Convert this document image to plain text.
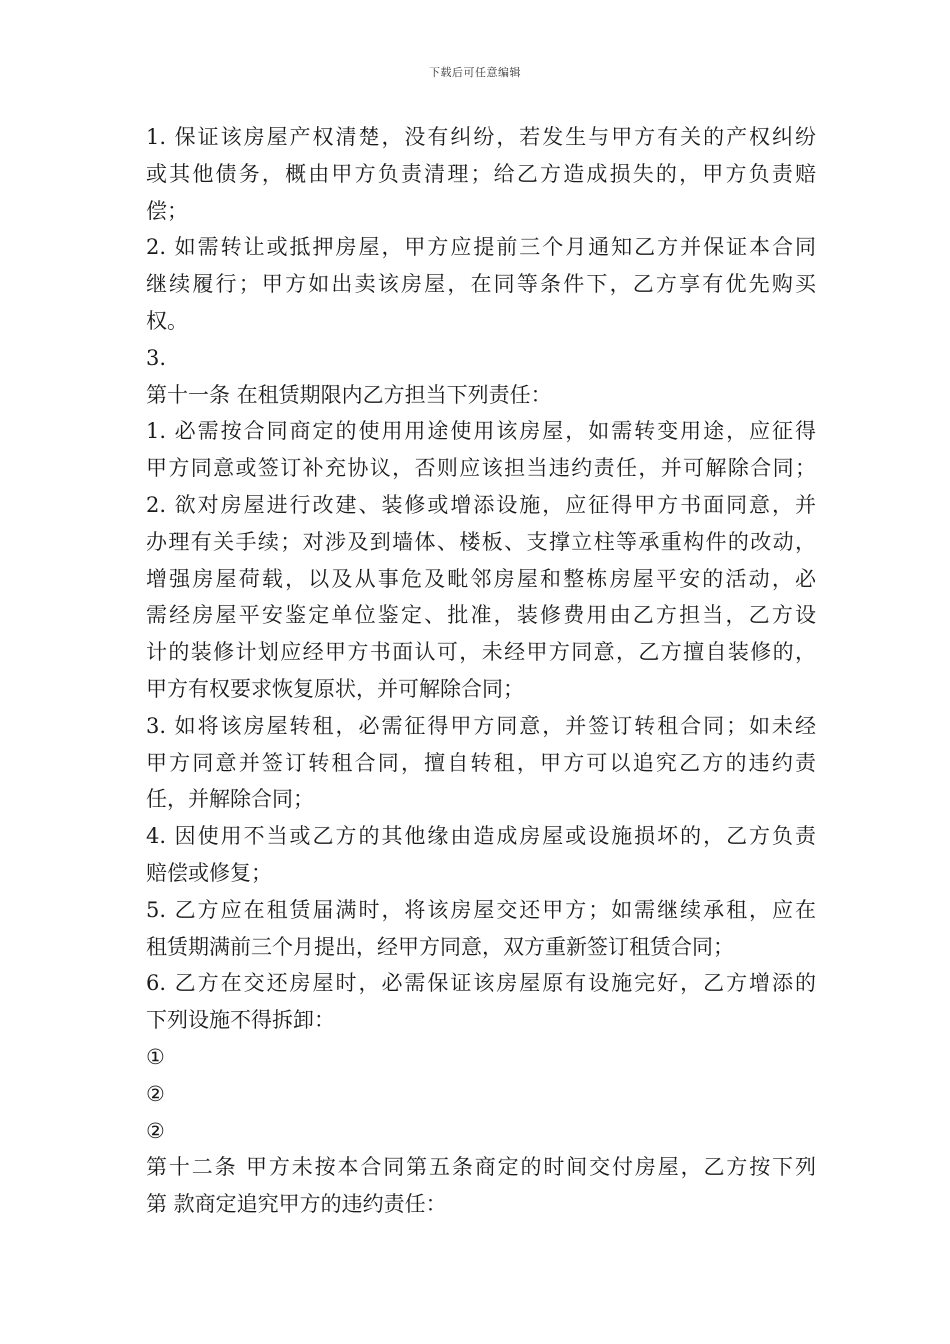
下载后可任意编辑
1. 保证该房屋产权清楚，没有纠纷，若发生与甲方有关的产权纠纷
或其他债务，概由甲方负责清理；给乙方造成损失的，甲方负责赔
偿；
2. 如需转让或抵押房屋，甲方应提前三个月通知乙方并保证本合同
继续履行；甲方如出卖该房屋，在同等条件下，乙方享有优先购买
权。
3.
第十一条 在租赁期限内乙方担当下列责任：
1. 必需按合同商定的使用用途使用该房屋，如需转变用途，应征得
甲方同意或签订补充协议，否则应该担当违约责任，并可解除合同；
2. 欲对房屋进行改建、装修或增添设施，应征得甲方书面同意，并
办理有关手续；对涉及到墙体、楼板、支撑立柱等承重构件的改动，
增强房屋荷载，以及从事危及毗邻房屋和整栋房屋平安的活动，必
需经房屋平安鉴定单位鉴定、批准，装修费用由乙方担当，乙方设
计的装修计划应经甲方书面认可，未经甲方同意，乙方擅自装修的，
甲方有权要求恢复原状，并可解除合同；
3. 如将该房屋转租，必需征得甲方同意，并签订转租合同；如未经
甲方同意并签订转租合同，擅自转租，甲方可以追究乙方的违约责
任，并解除合同；
4. 因使用不当或乙方的其他缘由造成房屋或设施损坏的，乙方负责
赔偿或修复；
5. 乙方应在租赁届满时，将该房屋交还甲方；如需继续承租，应在
租赁期满前三个月提出，经甲方同意，双方重新签订租赁合同；
6. 乙方在交还房屋时，必需保证该房屋原有设施完好，乙方增添的
下列设施不得拆卸：
①
②
②
第十二条 甲方未按本合同第五条商定的时间交付房屋，乙方按下列
第 款商定追究甲方的违约责任：
